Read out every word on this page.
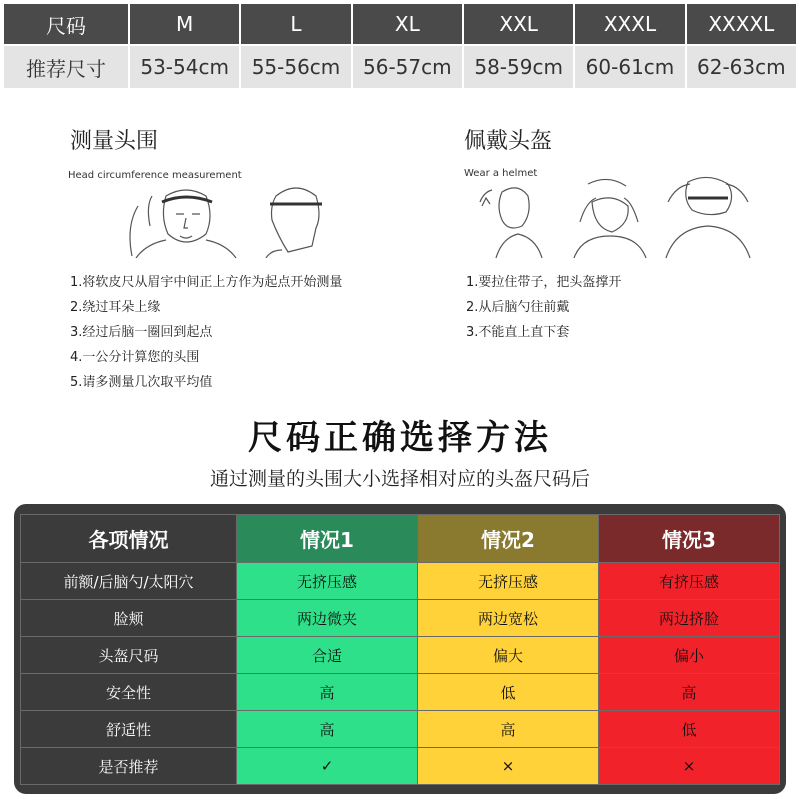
尺码	M	L	XL	XXL	XXXL	XXXXL
推荐尺寸	53-54cm	55-56cm	56-57cm	58-59cm	60-61cm	62-63cm
测量头围
Head circumference measurement
1.将软皮尺从眉宇中间正上方作为起点开始测量
2.绕过耳朵上缘
3.经过后脑一圈回到起点
4.一公分计算您的头围
5.请多测量几次取平均值
佩戴头盔
Wear a helmet
1.要拉住带子，把头盔撑开
2.从后脑勺往前戴
3.不能直上直下套
尺码正确选择方法
通过测量的头围大小选择相对应的头盔尺码后
各项情况	情况1	情况2	情况3
前额/后脑勺/太阳穴	无挤压感	无挤压感	有挤压感
脸颊	两边微夹	两边宽松	两边挤脸
头盔尺码	合适	偏大	偏小
安全性	高	低	高
舒适性	高	高	低
是否推荐	✓	×	×
